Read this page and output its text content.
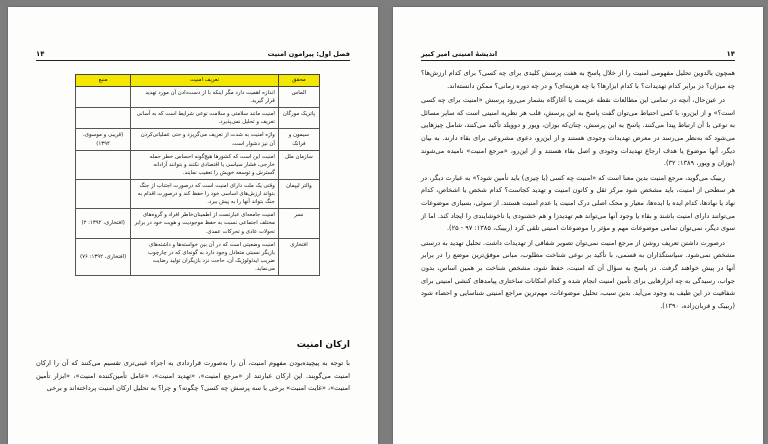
فصل اول: پیرامون امنیت
۱۴
محقق	تعریف امنیت	منبع
الماس	اندازه اهمیت دارد مگر اینکه با از دست‌دادن آن مورد تهدید قرار گیرید.	
پاتریک مورگان	امنیت مانند سلامتی و سلامت نوعی شرایط است که به آسانی تعریف و تحلیل نمی‌پذیرد.	
سیمون و فرانک	واژه امنیت به شدت از تعریف می‌گریزد و حتی عملیاتی‌کردن آن نیز دشوار است.	(قریبی و موسوی، ۱۳۹۴)
سازمان ملل	امنیت این است که کشورها هیچ‌گونه احساس خطر حمله خارجی، فشار سیاسی یا اقتصادی نکنند و بتوانند آزادانه گسترش و توسعه خویش را تعقیب نمایند.	
والتر لیپمان	وقتی یک ملت دارای امنیت است که درصورت اجتناب از جنگ بتواند ارزش‌های اساسی خود را حفظ کند و درصورت اقدام به جنگ بتواند آنها را به پیش ببرد.	
نسر	امنیت جامعه‌ای عبارتست از اطمینان‌خاطر افراد و گروه‌های مختلف اجتماعی نسبت به حفظ موجودیت و هویت خود در برابر تحولات عادی و تحرکات عمدی.	(افتخاری، ۱۳۹۲: ۴)
افتخاری	امنیت وضعیتی است که در آن بین خواسته‌ها و داشته‌های بازیگر نسبتی متعادل وجود دارد به گونه‌ای که در چارچوب ضریب ایدئولوژیک آن، حاجت نزد بازیگران تولید رضایت می‌نماید.	(افتخاری، ۱۳۹۲: ۷۶)
ارکان امنیت
با توجه به پیچیده‌بودن مفهوم امنیت، آن را به‌صورت قراردادی به اجزاء عینی‌تری تقسیم می‌کنند که آن را ارکان امنیت می‌گویند. این ارکان عبارتند از «مرجع امنیت»، «تهدید امنیت»، «عامل تأمین‌کننده امنیت»، «ابزار تأمین امنیت»، «غایت امنیت» برخی با سه پرسش چه کسی؟ چگونه؟ و چرا؟ به تحلیل ارکان امنیت پرداخته‌اند و برخی
۱۴
اندیشهٔ امنیتی امیر کبیر

همچون بالدوین تحلیل مفهومی امنیت را از خلال پاسخ به هفت پرسش کلیدی برای چه کسی؟ برای کدام ارزش‌ها؟ چه میزان؟ در برابر کدام تهدیدات؟ با کدام ابزارها؟ با چه هزینه‌ای؟ و در چه دوره زمانی؟ ممکن دانسته‌اند.

در عین‌حال، آنچه در تمامی این مطالعات نقطه عزیمت یا آغازگاه بشمار می‌رود پرسش «امنیت برای چه کسی است؟» و از این‌رو، با کمی احتیاط می‌توان گفت پاسخ به این پرسش، قلب هر نظریه امنیتی است که سایر مسائل به نوعی با آن ارتباط پیدا می‌کنند. پاسخ به این پرسش، چنان‌که بوزان، ویور و دوویلد تأکید می‌کنند، شامل چیزهایی می‌شود که به‌نظر می‌رسد در معرض تهدیدات وجودی هستند و از این‌رو، دعوی مشروعی برای بقاء دارند. به بیان دیگر، آنها موضوع یا هدف ارجاع تهدیدات وجودی و اصل بقاء هستند و از این‌رو، «مرجع امنیت» نامیده می‌شوند (بوزان و ویور، ۱۳۸۹: ۳۲).

ربیبک می‌گوید، مرجع امنیت بدین معنا است که «امنیت چه کسی (یا چیزی) باید تأمین شود؟» به عبارت دیگر، در هر سطحی از امنیت، باید مشخص شود مرکز ثقل و کانون امنیت و تهدید کجاست؟ کدام شخص یا اشخاص، کدام نهاد یا نهادها، کدام ایده یا ایده‌ها، معیار و محک اصلی درک امنیت یا عدم امنیت هستند. از سوئی، بسیاری موضوعات می‌توانند دارای امنیت باشند و بقاء یا وجود آنها می‌تواند هم تهدیدزا و هم خشنودی یا ناخوشایندی را ایجاد کند. اما از سوی دیگر، نمی‌توان تمامی موضوعات مهم و مؤثر را موضوعات امنیتی تلقی کرد (ربیبک، ۱۳۸۵: ۹۷ - ۲۵).

درصورت داشتن تعریف روشن از مرجع امنیت نمی‌توان تصویر شفافی از تهدیدات داشت. تحلیل تهدید به درستی مشخص نمی‌شود. سیاستگذاران به قسمی، با تأکید بر نوعی شناخت مطلوب، مبانی موفق‌ترین موضع را در برابر آنها در پیش خواهند گرفت. در پاسخ به سؤال آن که امنیت، حفظ شود، مشخص شناخت بر همین اساس، بدون جواب، رسیدگی به چه ابزارهایی برای تأمین امنیت انجام شده و کدام امکانات ساختاری پیامدهای کنشی امنیتی برای شفافیت در این طیف به وجود می‌آید. بدین سبب، تحلیل موضوعات، مهم‌ترین مراجع امنیتی شناسایی و احصاء شود (ربیبک و قربان‌زاده، ۱۳۹۰).
